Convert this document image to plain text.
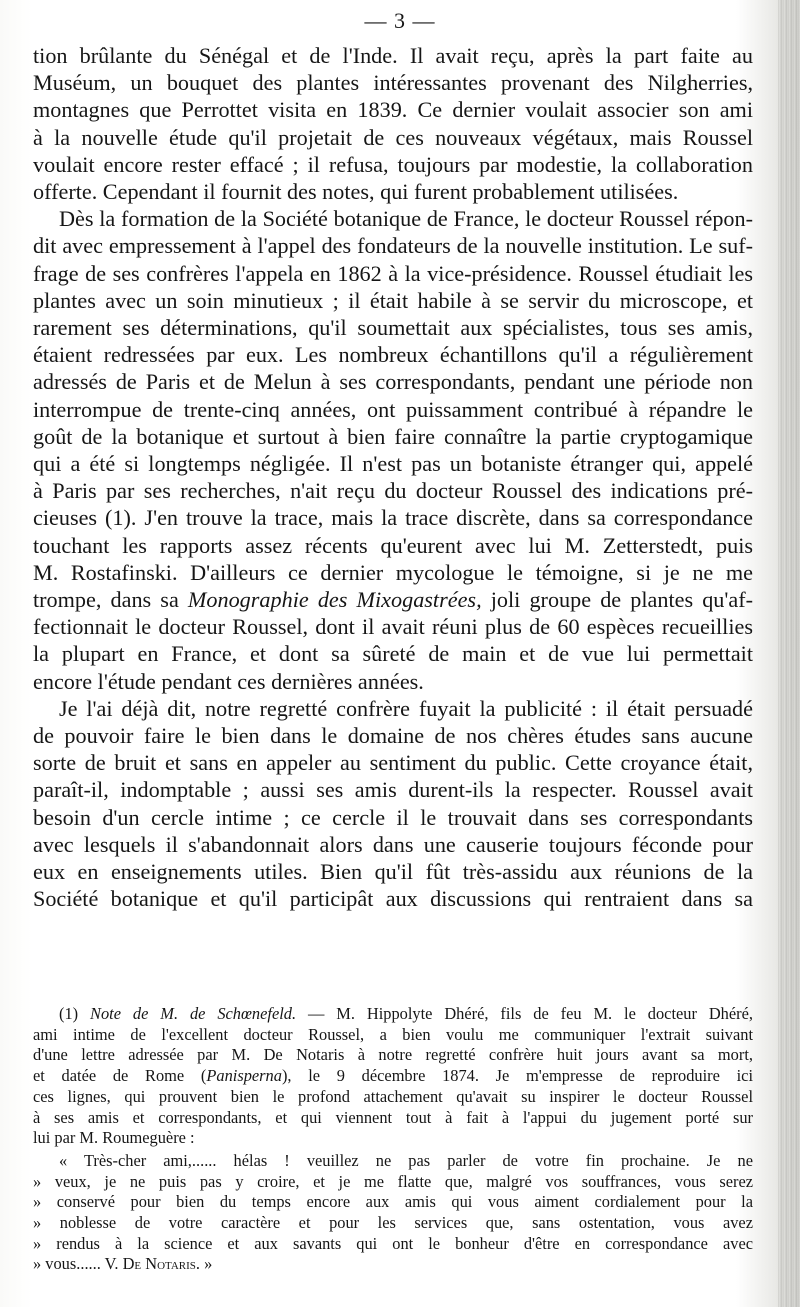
— 3 —

tion brûlante du Sénégal et de l'Inde. Il avait reçu, après la part faite au
Muséum, un bouquet des plantes intéressantes provenant des Nilgherries,
montagnes que Perrottet visita en 1839. Ce dernier voulait associer son ami
à la nouvelle étude qu'il projetait de ces nouveaux végétaux, mais Roussel
voulait encore rester effacé ; il refusa, toujours par modestie, la collaboration
offerte. Cependant il fournit des notes, qui furent probablement utilisées.

Dès la formation de la Société botanique de France, le docteur Roussel répon-
dit avec empressement à l'appel des fondateurs de la nouvelle institution. Le suf-
frage de ses confrères l'appela en 1862 à la vice-présidence. Roussel étudiait les
plantes avec un soin minutieux ; il était habile à se servir du microscope, et
rarement ses déterminations, qu'il soumettait aux spécialistes, tous ses amis,
étaient redressées par eux. Les nombreux échantillons qu'il a régulièrement
adressés de Paris et de Melun à ses correspondants, pendant une période non
interrompue de trente-cinq années, ont puissamment contribué à répandre le
goût de la botanique et surtout à bien faire connaître la partie cryptogamique
qui a été si longtemps négligée. Il n'est pas un botaniste étranger qui, appelé
à Paris par ses recherches, n'ait reçu du docteur Roussel des indications pré-
cieuses (1). J'en trouve la trace, mais la trace discrète, dans sa correspondance
touchant les rapports assez récents qu'eurent avec lui M. Zetterstedt, puis
M. Rostafinski. D'ailleurs ce dernier mycologue le témoigne, si je ne me
trompe, dans sa Monographie des Mixogastrées, joli groupe de plantes qu'af-
fectionnait le docteur Roussel, dont il avait réuni plus de 60 espèces recueillies
la plupart en France, et dont sa sûreté de main et de vue lui permettait
encore l'étude pendant ces dernières années.

Je l'ai déjà dit, notre regretté confrère fuyait la publicité : il était persuadé
de pouvoir faire le bien dans le domaine de nos chères études sans aucune
sorte de bruit et sans en appeler au sentiment du public. Cette croyance était,
paraît-il, indomptable ; aussi ses amis durent-ils la respecter. Roussel avait
besoin d'un cercle intime ; ce cercle il le trouvait dans ses correspondants
avec lesquels il s'abandonnait alors dans une causerie toujours féconde pour
eux en enseignements utiles. Bien qu'il fût très-assidu aux réunions de la
Société botanique et qu'il participât aux discussions qui rentraient dans sa

(1) Note de M. de Schœnefeld. — M. Hippolyte Dhéré, fils de feu M. le docteur Dhéré,
ami intime de l'excellent docteur Roussel, a bien voulu me communiquer l'extrait suivant
d'une lettre adressée par M. De Notaris à notre regretté confrère huit jours avant sa mort,
et datée de Rome (Panisperna), le 9 décembre 1874. Je m'empresse de reproduire ici
ces lignes, qui prouvent bien le profond attachement qu'avait su inspirer le docteur Roussel
à ses amis et correspondants, et qui viennent tout à fait à l'appui du jugement porté sur
lui par M. Roumeguère :
« Très-cher ami,...... hélas ! veuillez ne pas parler de votre fin prochaine. Je ne
» veux, je ne puis pas y croire, et je me flatte que, malgré vos souffrances, vous serez
» conservé pour bien du temps encore aux amis qui vous aiment cordialement pour la
» noblesse de votre caractère et pour les services que, sans ostentation, vous avez
» rendus à la science et aux savants qui ont le bonheur d'être en correspondance avec
» vous...... V. De Notaris. »
